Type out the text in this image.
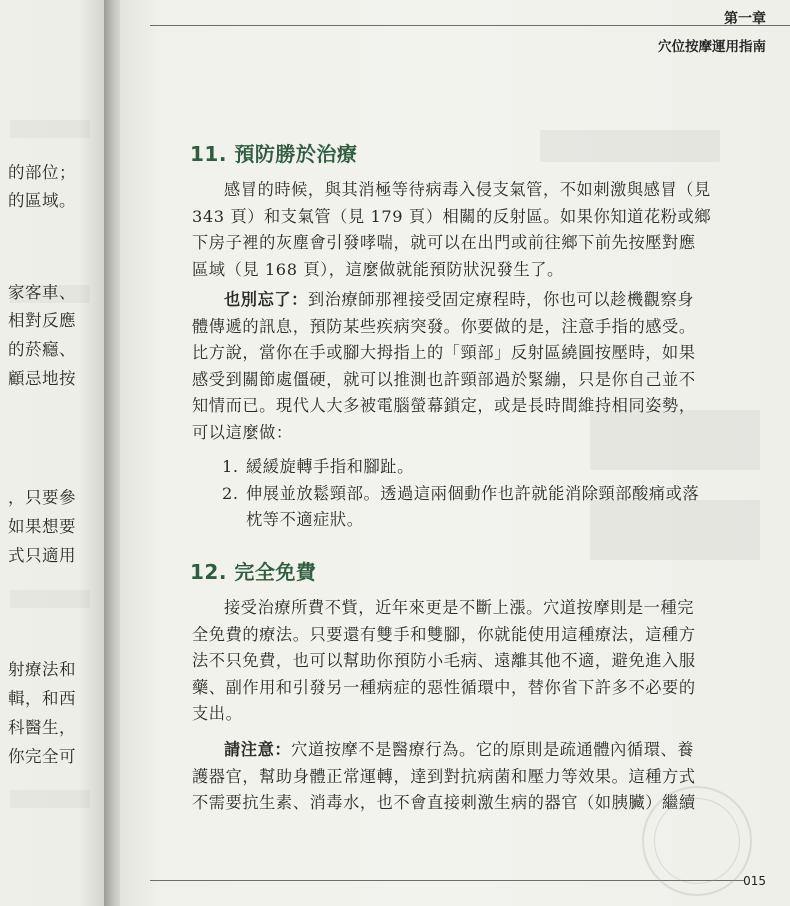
的部位；
的區域。
家客車、
相對反應
的菸癮、
顧忌地按
，只要參
如果想要
式只適用
射療法和
輯，和西
科醫生，
你完全可
第一章
穴位按摩運用指南
11. 預防勝於治療
感冒的時候，與其消極等待病毒入侵支氣管，不如刺激與感冒（見
343 頁）和支氣管（見 179 頁）相關的反射區。如果你知道花粉或鄉
下房子裡的灰塵會引發哮喘，就可以在出門或前往鄉下前先按壓對應
區域（見 168 頁），這麼做就能預防狀況發生了。
也別忘了：到治療師那裡接受固定療程時，你也可以趁機觀察身
體傳遞的訊息，預防某些疾病突發。你要做的是，注意手指的感受。
比方說，當你在手或腳大拇指上的「頸部」反射區繞圓按壓時，如果
感受到關節處僵硬，就可以推測也許頸部過於緊繃，只是你自己並不
知情而已。現代人大多被電腦螢幕鎖定，或是長時間維持相同姿勢，
可以這麼做：
1. 緩緩旋轉手指和腳趾。
2. 伸展並放鬆頸部。透過這兩個動作也許就能消除頸部酸痛或落
枕等不適症狀。
12. 完全免費
接受治療所費不貲，近年來更是不斷上漲。穴道按摩則是一種完
全免費的療法。只要還有雙手和雙腳，你就能使用這種療法，這種方
法不只免費，也可以幫助你預防小毛病、遠離其他不適，避免進入服
藥、副作用和引發另一種病症的惡性循環中，替你省下許多不必要的
支出。
請注意：穴道按摩不是醫療行為。它的原則是疏通體內循環、養
護器官，幫助身體正常運轉，達到對抗病菌和壓力等效果。這種方式
不需要抗生素、消毒水，也不會直接刺激生病的器官（如胰臟）繼續
015
